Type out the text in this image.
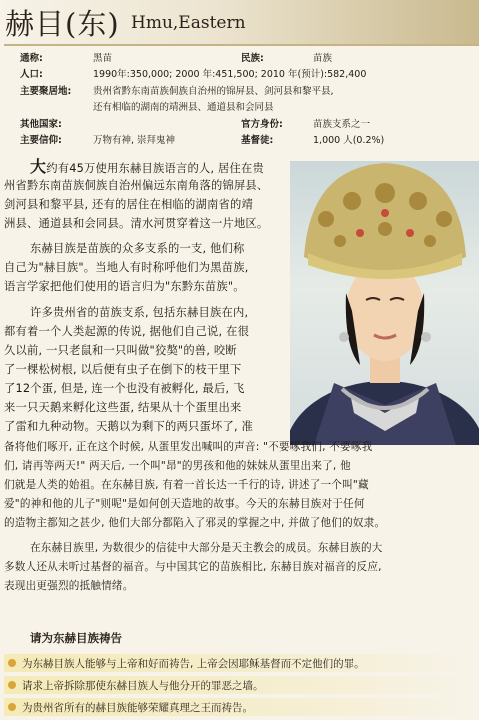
赫目(东) Hmu,Eastern
通称:	黑苗	民族:	苗族
人口:	1990年:350,000; 2000 年:451,500; 2010 年(预计):582,400
主要聚居地: 贵州省黔东南苗族侗族自治州的锦屏县、剑河县和黎平县,
还有相临的湖南的靖洲县、通道县和会同县
其他国家:	官方身份:	苗族支系之一
主要信仰:	万物有神, 崇拜鬼神	基督徒:	1,000 人(0.2%)
大约有45万使用东赫目族语言的人, 居住在贵
州省黔东南苗族侗族自治州偏远东南角落的锦屏县、
剑河县和黎平县, 还有的居住在相临的湖南省的靖
洲县、通道县和会同县。清水河贯穿着这一片地区。
东赫目族是苗族的众多支系的一支, 他们称
自己为"赫目族"。当地人有时称呼他们为黑苗族,
语言学家把他们使用的语言归为"东黔东苗族"。
许多贵州省的苗族支系, 包括东赫目族在内,
都有着一个人类起源的传说, 据他们自己说, 在很
久以前, 一只老鼠和一只叫做"狡獒"的兽, 咬断
了一棵松树根, 以后便有虫子在倒下的枝干里下
了12个蛋, 但是, 连一个也没有被孵化, 最后, 飞
来一只天鹅来孵化这些蛋, 结果从十个蛋里出来
了雷和九种动物。天鹅以为剩下的两只蛋坏了, 准
备将他们啄开, 正在这个时候, 从蛋里发出喊叫的声音: "不要啄我们, 不要啄我
们, 请再等两天!" 两天后, 一个叫"昂"的男孩和他的妹妹从蛋里出来了, 他
们就是人类的始祖。在东赫目族, 有着一首长达一千行的诗, 讲述了一个叫"藏
爱"的神和他的儿子"则呢"是如何创天造地的故事。今天的东赫目族对于任何
的造物主都知之甚少, 他们大部分都陷入了邪灵的掌握之中, 并做了他们的奴隶。
在东赫目族里, 为数很少的信徒中大部分是天主教会的成员。东赫目族的大
多数人还从未听过基督的福音。与中国其它的苗族相比, 东赫目族对福音的反应,
表现出更强烈的抵触情绪。
请为东赫目族祷告
为东赫目族人能够与上帝和好而祷告, 上帝会因耶稣基督而不定他们的罪。
请求上帝拆除那使东赫目族人与他分开的罪恶之墙。
为贵州省所有的赫目族能够荣耀真理之王而祷告。
